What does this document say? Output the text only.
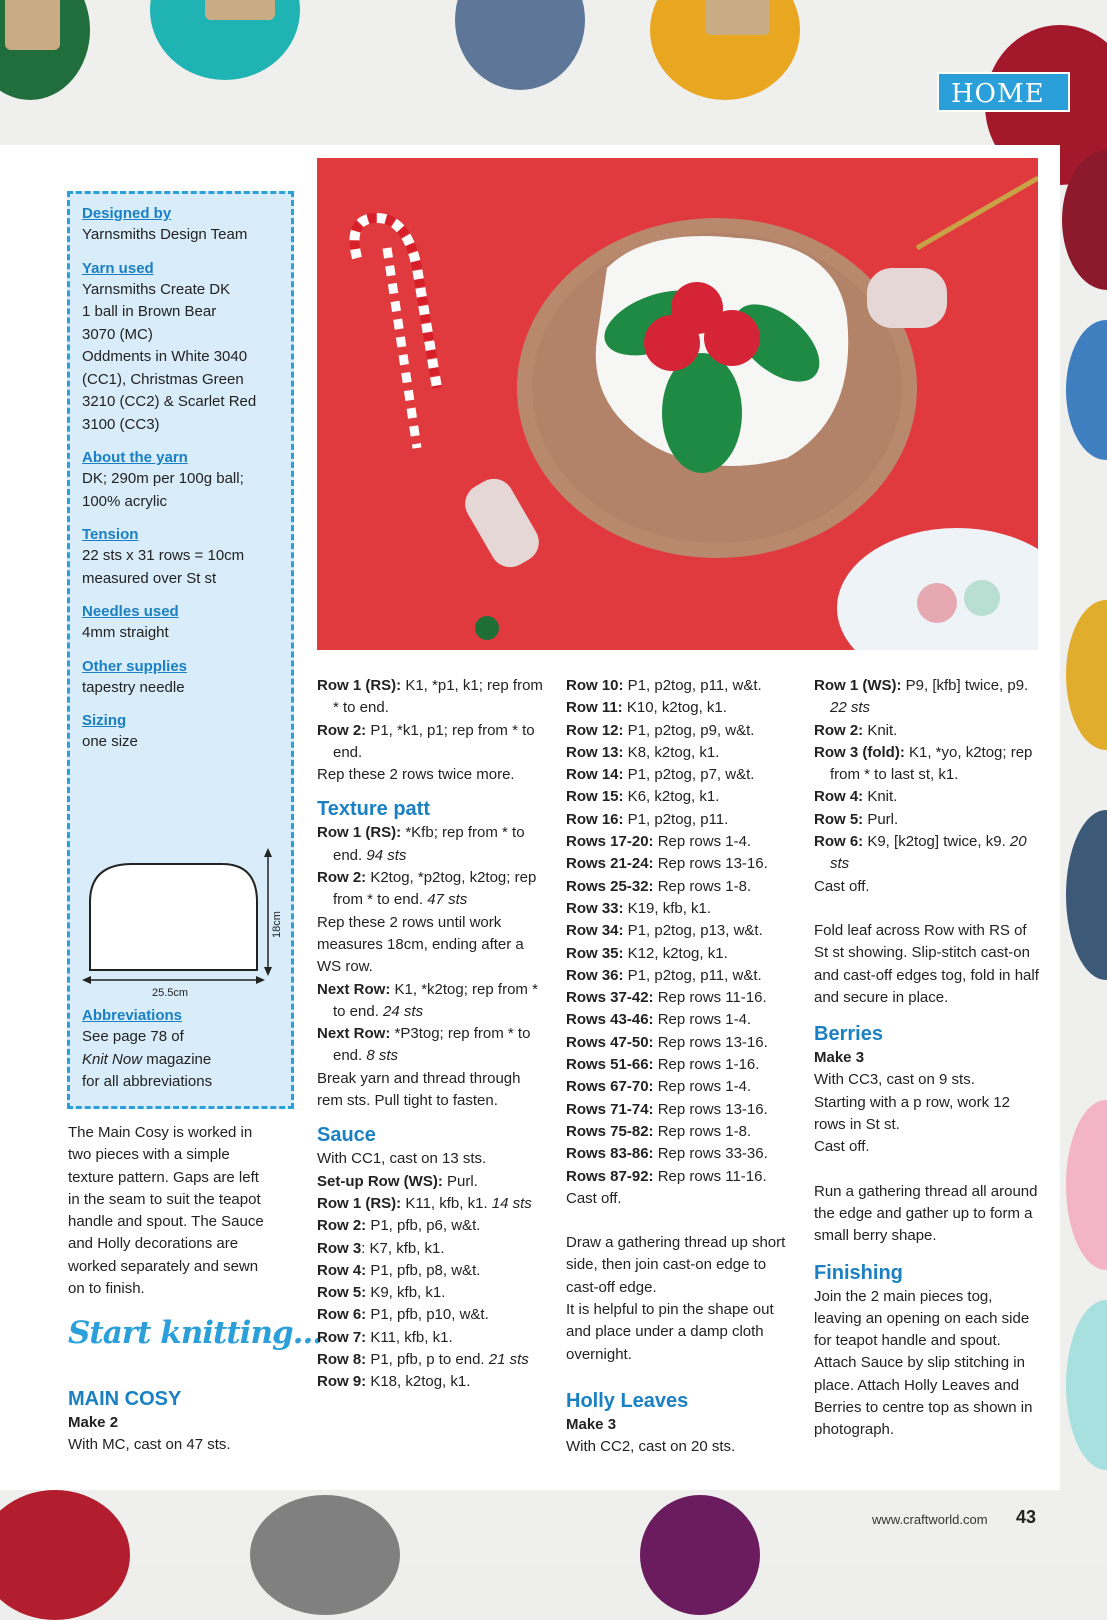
HOME
Designed by
Yarnsmiths Design Team
Yarn used
Yarnsmiths Create DK
1 ball in Brown Bear
3070 (MC)
Oddments in White 3040
(CC1), Christmas Green
3210 (CC2) & Scarlet Red
3100 (CC3)
About the yarn
DK; 290m per 100g ball;
100% acrylic
Tension
22 sts x 31 rows = 10cm
measured over St st
Needles used
4mm straight
Other supplies
tapestry needle
Sizing
one size
18cm
25.5cm
Abbreviations
See page 78 of
Knit Now magazine
for all abbreviations

The Main Cosy is worked in

two pieces with a simple

texture pattern. Gaps are left

in the seam to suit the teapot

handle and spout. The Sauce

and Holly decorations are

worked separately and sewn

on to finish.

Start knitting...

MAIN COSY

Make 2

With MC, cast on 47 sts.

Row 1 (RS): K1, *p1, k1; rep from * to end.

Row 2: P1, *k1, p1; rep from * to end.

Rep these 2 rows twice more.

Texture patt

Row 1 (RS): *Kfb; rep from * to end. 94 sts

Row 2: K2tog, *p2tog, k2tog; rep from * to end. 47 sts

Rep these 2 rows until work measures 18cm, ending after a WS row.

Next Row: K1, *k2tog; rep from * to end. 24 sts

Next Row: *P3tog; rep from * to end. 8 sts

Break yarn and thread through rem sts. Pull tight to fasten.

Sauce

With CC1, cast on 13 sts.

Set-up Row (WS): Purl.

Row 1 (RS): K11, kfb, k1. 14 sts

Row 2: P1, pfb, p6, w&t.

Row 3: K7, kfb, k1.

Row 4: P1, pfb, p8, w&t.

Row 5: K9, kfb, k1.

Row 6: P1, pfb, p10, w&t.

Row 7: K11, kfb, k1.

Row 8: P1, pfb, p to end. 21 sts

Row 9: K18, k2tog, k1.

Row 10: P1, p2tog, p11, w&t.

Row 11: K10, k2tog, k1.

Row 12: P1, p2tog, p9, w&t.

Row 13: K8, k2tog, k1.

Row 14: P1, p2tog, p7, w&t.

Row 15: K6, k2tog, k1.

Row 16: P1, p2tog, p11.

Rows 17-20: Rep rows 1-4.

Rows 21-24: Rep rows 13-16.

Rows 25-32: Rep rows 1-8.

Row 33: K19, kfb, k1.

Row 34: P1, p2tog, p13, w&t.

Row 35: K12, k2tog, k1.

Row 36: P1, p2tog, p11, w&t.

Rows 37-42: Rep rows 11-16.

Rows 43-46: Rep rows 1-4.

Rows 47-50: Rep rows 13-16.

Rows 51-66: Rep rows 1-16.

Rows 67-70: Rep rows 1-4.

Rows 71-74: Rep rows 13-16.

Rows 75-82: Rep rows 1-8.

Rows 83-86: Rep rows 33-36.

Rows 87-92: Rep rows 11-16.

Cast off.

Draw a gathering thread up short side, then join cast-on edge to cast-off edge.

It is helpful to pin the shape out and place under a damp cloth overnight.

Holly Leaves

Make 3

With CC2, cast on 20 sts.

Row 1 (WS): P9, [kfb] twice, p9. 22 sts

Row 2: Knit.

Row 3 (fold): K1, *yo, k2tog; rep from * to last st, k1.

Row 4: Knit.

Row 5: Purl.

Row 6: K9, [k2tog] twice, k9. 20 sts

Cast off.

Fold leaf across Row with RS of St st showing. Slip-stitch cast-on and cast-off edges tog, fold in half and secure in place.

Berries

Make 3

With CC3, cast on 9 sts.

Starting with a p row, work 12 rows in St st.

Cast off.

Run a gathering thread all around the edge and gather up to form a small berry shape.

Finishing

Join the 2 main pieces tog, leaving an opening on each side for teapot handle and spout. Attach Sauce by slip stitching in place. Attach Holly Leaves and Berries to centre top as shown in photograph.

www.craftworld.com 43
